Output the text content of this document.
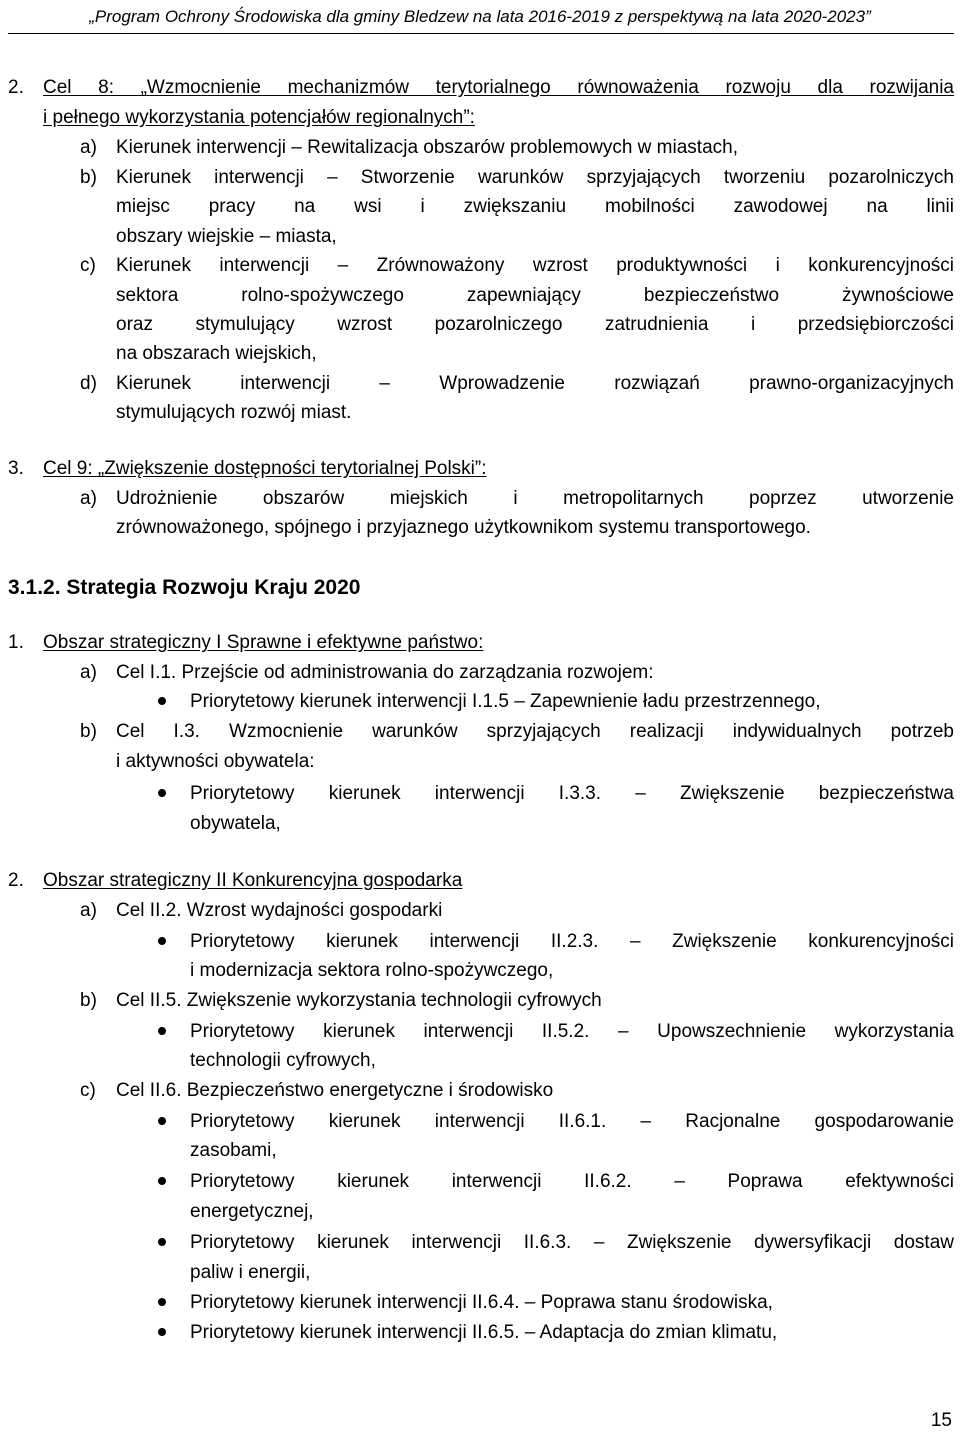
„Program Ochrony Środowiska dla gminy Bledzew na lata 2016-2019 z perspektywą na lata 2020-2023”
2. Cel 8: „Wzmocnienie mechanizmów terytorialnego równoważenia rozwoju dla rozwijania
i pełnego wykorzystania potencjałów regionalnych”:
a) Kierunek interwencji – Rewitalizacja obszarów problemowych w miastach,
b) Kierunek interwencji – Stworzenie warunków sprzyjających tworzeniu pozarolniczych
miejsc pracy na wsi i zwiększaniu mobilności zawodowej na linii
obszary wiejskie – miasta,
c) Kierunek interwencji – Zrównoważony wzrost produktywności i konkurencyjności
sektora rolno-spożywczego zapewniający bezpieczeństwo żywnościowe
oraz stymulujący wzrost pozarolniczego zatrudnienia i przedsiębiorczości
na obszarach wiejskich,
d) Kierunek interwencji – Wprowadzenie rozwiązań prawno-organizacyjnych
stymulujących rozwój miast.
3. Cel 9: „Zwiększenie dostępności terytorialnej Polski”:
a) Udrożnienie obszarów miejskich i metropolitarnych poprzez utworzenie
zrównoważonego, spójnego i przyjaznego użytkownikom systemu transportowego.
3.1.2. Strategia Rozwoju Kraju 2020
1. Obszar strategiczny I Sprawne i efektywne państwo:
a) Cel I.1. Przejście od administrowania do zarządzania rozwojem:
Priorytetowy kierunek interwencji I.1.5 – Zapewnienie ładu przestrzennego,
b) Cel I.3. Wzmocnienie warunków sprzyjających realizacji indywidualnych potrzeb
i aktywności obywatela:
Priorytetowy kierunek interwencji I.3.3. – Zwiększenie bezpieczeństwa
obywatela,
2. Obszar strategiczny II Konkurencyjna gospodarka
a) Cel II.2. Wzrost wydajności gospodarki
Priorytetowy kierunek interwencji II.2.3. – Zwiększenie konkurencyjności
i modernizacja sektora rolno-spożywczego,
b) Cel II.5. Zwiększenie wykorzystania technologii cyfrowych
Priorytetowy kierunek interwencji II.5.2. – Upowszechnienie wykorzystania
technologii cyfrowych,
c) Cel II.6. Bezpieczeństwo energetyczne i środowisko
Priorytetowy kierunek interwencji II.6.1. – Racjonalne gospodarowanie
zasobami,
Priorytetowy kierunek interwencji II.6.2. – Poprawa efektywności
energetycznej,
Priorytetowy kierunek interwencji II.6.3. – Zwiększenie dywersyfikacji dostaw
paliw i energii,
Priorytetowy kierunek interwencji II.6.4. – Poprawa stanu środowiska,
Priorytetowy kierunek interwencji II.6.5. – Adaptacja do zmian klimatu,
15
